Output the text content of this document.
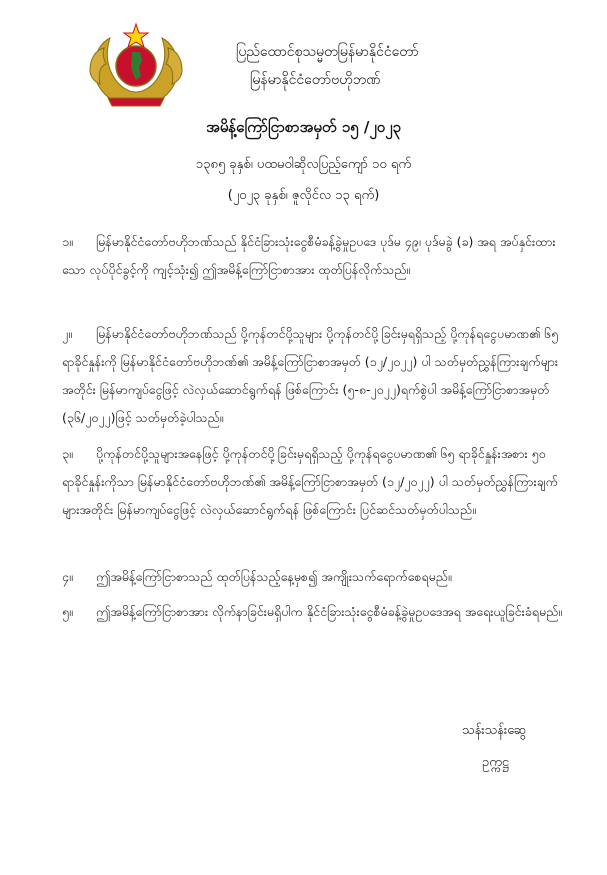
ပြည်ထောင်စုသမ္မတမြန်မာနိုင်ငံတော်
မြန်မာနိုင်ငံတော်ဗဟိုဘဏ်
အမိန့်ကြော်ငြာစာအမှတ် ၁၅ /၂၀၂၃
၁၃၈၅ ခုနှစ်၊ ပထမဝါဆိုလပြည့်ကျော် ၁၀ ရက်
(၂၀၂၃ ခုနှစ်၊ ဇူလိုင်လ ၁၃ ရက်)
၁။ မြန်မာနိုင်ငံတော်ဗဟိုဘဏ်သည် နိုင်ငံခြားသုံးငွေစီမံခန့်ခွဲမှုဥပဒေ ပုဒ်မ ၄၉၊ ပုဒ်မခွဲ (ခ) အရ အပ်နှင်းထားသော လုပ်ပိုင်ခွင့်ကို ကျင့်သုံး၍ ဤအမိန့်ကြော်ငြာစာအား ထုတ်ပြန်လိုက်သည်။
၂။ မြန်မာနိုင်ငံတော်ဗဟိုဘဏ်သည် ပို့ကုန်တင်ပို့သူများ ပို့ကုန်တင်ပို့ခြင်းမှရရှိသည့် ပို့ကုန်ရငွေပမာဏ၏ ၆၅ ရာခိုင်နှုန်းကို မြန်မာနိုင်ငံတော်ဗဟိုဘဏ်၏ အမိန့်ကြော်ငြာစာအမှတ် (၁၂/၂၀၂၂) ပါ သတ်မှတ်ညွှန်ကြားချက်များအတိုင်း မြန်မာကျပ်ငွေဖြင့် လဲလှယ်ဆောင်ရွက်ရန် ဖြစ်ကြောင်း (၅-၈-၂၀၂၂)ရက်စွဲပါ အမိန့်ကြော်ငြာစာအမှတ် (၃၆/၂၀၂၂)ဖြင့် သတ်မှတ်ခဲ့ပါသည်။
၃။ ပို့ကုန်တင်ပို့သူများအနေဖြင့် ပို့ကုန်တင်ပို့ခြင်းမှရရှိသည့် ပို့ကုန်ရငွေပမာဏ၏ ၆၅ ရာခိုင်နှုန်းအစား ၅၀ ရာခိုင်နှုန်းကိုသာ မြန်မာနိုင်ငံတော်ဗဟိုဘဏ်၏ အမိန့်ကြော်ငြာစာအမှတ် (၁၂/၂၀၂၂) ပါ သတ်မှတ်ညွှန်ကြားချက်များအတိုင်း မြန်မာကျပ်ငွေဖြင့် လဲလှယ်ဆောင်ရွက်ရန် ဖြစ်ကြောင်း ပြင်ဆင်သတ်မှတ်ပါသည်။
၄။ ဤအမိန့်ကြော်ငြာစာသည် ထုတ်ပြန်သည့်နေ့မှစ၍ အကျိုးသက်ရောက်စေရမည်။
၅။ ဤအမိန့်ကြော်ငြာစာအား လိုက်နာခြင်းမရှိပါက နိုင်ငံခြားသုံးငွေစီမံခန့်ခွဲမှုဥပဒေအရ အရေးယူခြင်းခံရမည်။
သန်းသန်းဆွေ
ဥက္ကဋ္ဌ
